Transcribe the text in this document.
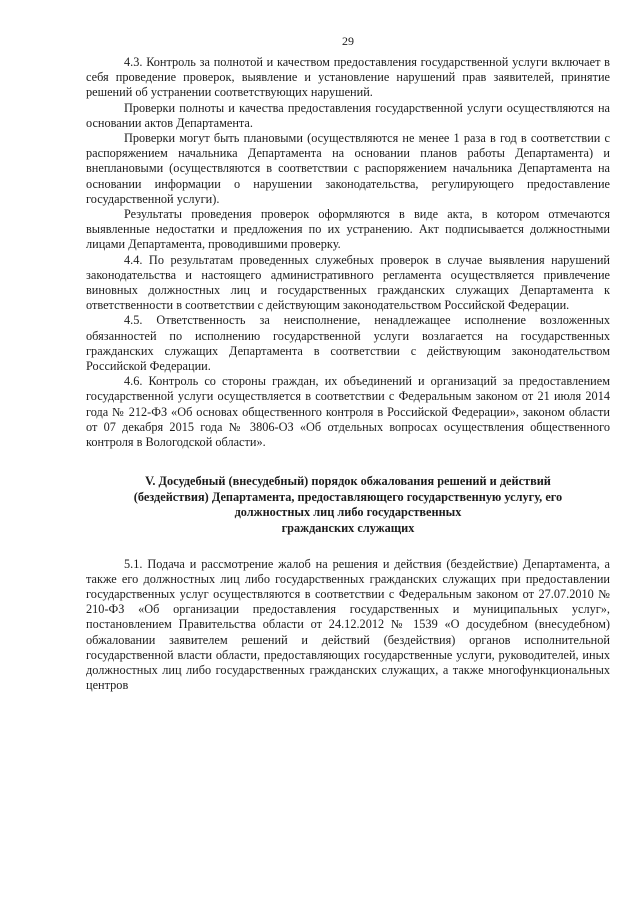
29

4.3. Контроль за полнотой и качеством предоставления государственной услуги включает в себя проведение проверок, выявление и установление нарушений прав заявителей, принятие решений об устранении соответствующих нарушений.

Проверки полноты и качества предоставления государственной услуги осуществляются на основании актов Департамента.

Проверки могут быть плановыми (осуществляются не менее 1 раза в год в соответствии с распоряжением начальника Департамента на основании планов работы Департамента) и внеплановыми (осуществляются в соответствии с распоряжением начальника Департамента на основании информации о нарушении законодательства, регулирующего предоставление государственной услуги).

Результаты проведения проверок оформляются в виде акта, в котором отмечаются выявленные недостатки и предложения по их устранению. Акт подписывается должностными лицами Департамента, проводившими проверку.

4.4. По результатам проведенных служебных проверок в случае выявления нарушений законодательства и настоящего административного регламента осуществляется привлечение виновных должностных лиц и государственных гражданских служащих Департамента к ответственности в соответствии с действующим законодательством Российской Федерации.

4.5. Ответственность за неисполнение, ненадлежащее исполнение возложенных обязанностей по исполнению государственной услуги возлагается на государственных гражданских служащих Департамента в соответствии с действующим законодательством Российской Федерации.

4.6. Контроль со стороны граждан, их объединений и организаций за предоставлением государственной услуги осуществляется в соответствии с Федеральным законом от 21 июля 2014 года № 212-ФЗ «Об основах общественного контроля в Российской Федерации», законом области от 07 декабря 2015 года № 3806-ОЗ «Об отдельных вопросах осуществления общественного контроля в Вологодской области».

V. Досудебный (внесудебный) порядок обжалования решений и действий
(бездействия) Департамента, предоставляющего государственную услугу, его
должностных лиц либо государственных
гражданских служащих

5.1. Подача и рассмотрение жалоб на решения и действия (бездействие) Департамента, а также его должностных лиц либо государственных гражданских служащих при предоставлении государственных услуг осуществляются в соответствии с Федеральным законом от 27.07.2010 № 210-ФЗ «Об организации предоставления государственных и муниципальных услуг», постановлением Правительства области от 24.12.2012 № 1539 «О досудебном (внесудебном) обжаловании заявителем решений и действий (бездействия) органов исполнительной государственной власти области, предоставляющих государственные услуги, руководителей, иных должностных лиц либо государственных гражданских служащих, а также многофункциональных центров
